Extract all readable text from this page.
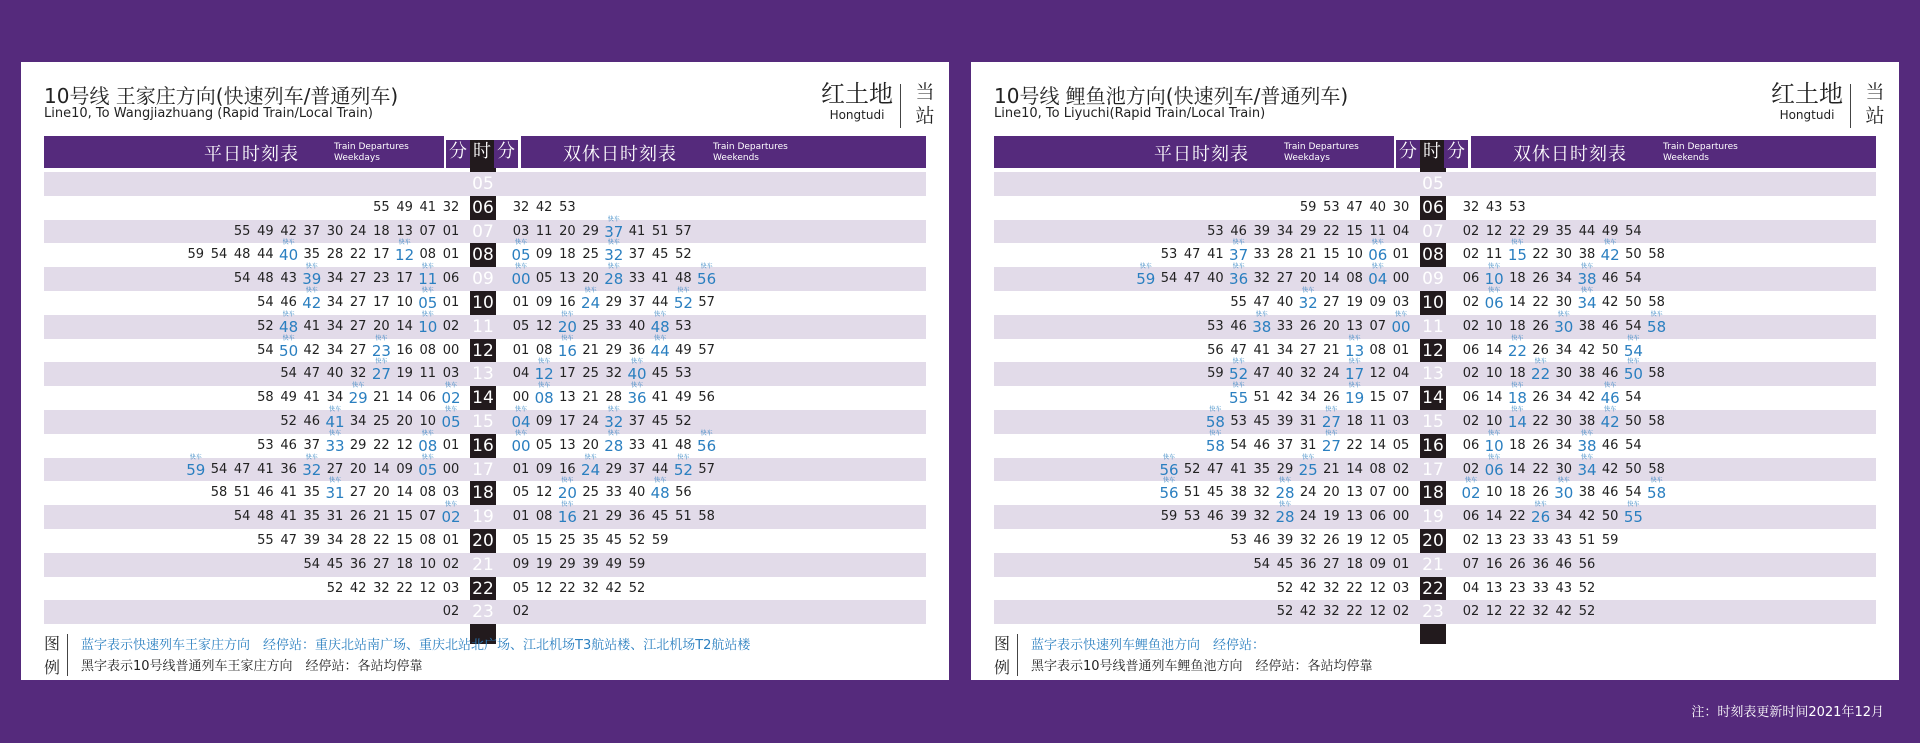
10号线 王家庄方向(快速列车/普通列车)
Line10, To Wangjiazhuang (Rapid Train/Local Train)
红土地
Hongtudi
当站
平日时刻表	Train Departures
Weekdays	分 时 分	双休日时刻表	Train Departures
Weekends
05
06
55 49 41 32	32 42 53
07
55 49 42 37 30 24 18 13 07 01	03 11 20 29 快车 37 41 51 57
08
59 54 48 44 快车 40 35 28 22 17 快车 12 08 01	快车 05 09 18 25 快车 32 37 45 52
09
54 48 43 快车 39 34 27 23 17 快车 11 06	快车 00 05 13 20 快车 28 33 41 48 快车 56
10
54 46 快车 42 34 27 17 10 快车 05 01	01 09 16 快车 24 29 37 44 快车 52 57
11
52 快车 48 41 34 27 20 14 快车 10 02	05 12 快车 20 25 33 40 快车 48 53
12
54 快车 50 42 34 27 快车 23 16 08 00	01 08 快车 16 21 29 36 快车 44 49 57
13
54 47 40 32 快车 27 19 11 03	04 快车 12 17 25 32 快车 40 45 53
14
58 49 41 34 快车 29 21 14 06 快车 02	00 快车 08 13 21 28 快车 36 41 49 56
15
52 46 快车 41 34 25 20 10 快车 05	快车 04 09 17 24 快车 32 37 45 52
16
53 46 37 快车 33 29 22 12 快车 08 01	快车 00 05 13 20 快车 28 33 41 48 快车 56
17
快车 59 54 47 41 36 快车 32 27 20 14 09 快车 05 00	01 09 16 快车 24 29 37 44 快车 52 57
18
58 51 46 41 35 快车 31 27 20 14 08 03	05 12 快车 20 25 33 40 快车 48 56
19
54 48 41 35 31 26 21 15 07 快车 02	01 08 快车 16 21 29 36 45 51 58
20
55 47 39 34 28 22 15 08 01	05 15 25 35 45 52 59
21
54 45 36 27 18 10 02	09 19 29 39 49 59
22
52 42 32 22 12 03	05 12 22 32 42 52
23
02	02
图例
蓝字表示快速列车王家庄方向　经停站：重庆北站南广场、重庆北站北广场、江北机场T3航站楼、江北机场T2航站楼
黑字表示10号线普通列车王家庄方向　经停站：各站均停靠
10号线 鲤鱼池方向(快速列车/普通列车)
Line10, To Liyuchi(Rapid Train/Local Train)
红土地
Hongtudi
当站
平日时刻表	Train Departures
Weekdays	分 时 分	双休日时刻表	Train Departures
Weekends
05
06
59 53 47 40 30	32 43 53
07
53 46 39 34 29 22 15 11 04	02 12 22 29 35 44 49 54
08
53 47 41 快车 37 33 28 21 15 10 快车 06 01	02 11 快车 15 22 30 38 快车 42 50 58
09
快车 59 54 47 40 快车 36 32 27 20 14 08 快车 04 00	06 快车 10 18 26 34 快车 38 46 54
10
55 47 40 快车 32 27 19 09 03	02 快车 06 14 22 30 快车 34 42 50 58
11
53 46 快车 38 33 26 20 13 07 快车 00	02 10 18 26 快车 30 38 46 54 快车 58
12
56 47 41 34 27 21 快车 13 08 01	06 14 快车 22 26 34 42 50 快车 54
13
59 快车 52 47 40 32 24 快车 17 12 04	02 10 18 快车 22 30 38 46 快车 50 58
14
快车 55 51 42 34 26 快车 19 15 07	06 14 快车 18 26 34 42 快车 46 54
15
快车 58 53 45 39 31 快车 27 18 11 03	02 10 快车 14 22 30 38 快车 42 50 58
16
快车 58 54 46 37 31 快车 27 22 14 05	06 快车 10 18 26 34 快车 38 46 54
17
快车 56 52 47 41 35 29 快车 25 21 14 08 02	02 快车 06 14 22 30 快车 34 42 50 58
18
快车 56 51 45 38 32 快车 28 24 20 13 07 00	快车 02 10 18 26 快车 30 38 46 54 快车 58
19
59 53 46 39 32 快车 28 24 19 13 06 00	06 14 22 快车 26 34 42 50 快车 55
20
53 46 39 32 26 19 12 05	02 13 23 33 43 51 59
21
54 45 36 27 18 09 01	07 16 26 36 46 56
22
52 42 32 22 12 03	04 13 23 33 43 52
23
52 42 32 22 12 02	02 12 22 32 42 52
图例
蓝字表示快速列车鲤鱼池方向　经停站：
黑字表示10号线普通列车鲤鱼池方向　经停站：各站均停靠
注：时刻表更新时间2021年12月
